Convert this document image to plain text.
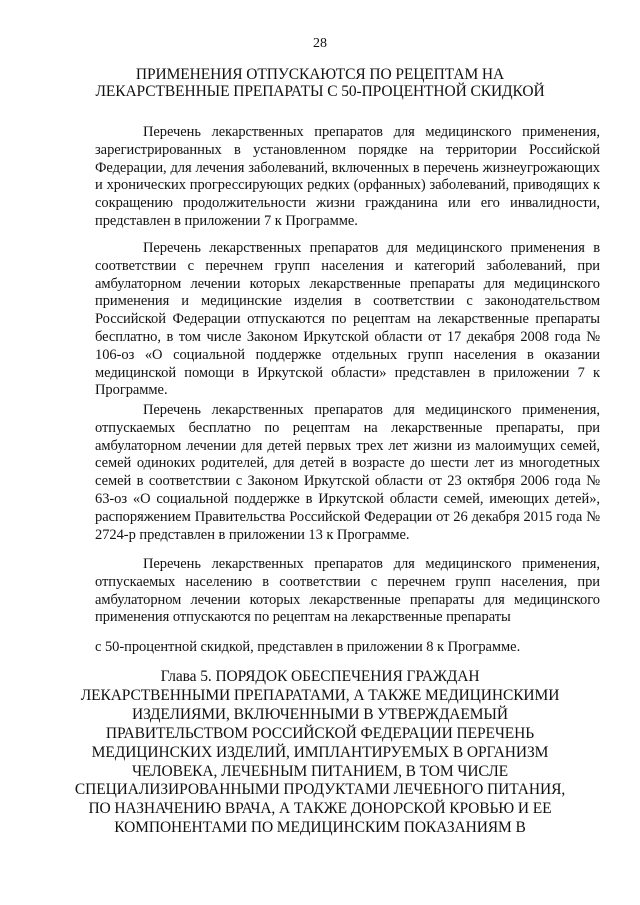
28
ПРИМЕНЕНИЯ ОТПУСКАЮТСЯ ПО РЕЦЕПТАМ НА
ЛЕКАРСТВЕННЫЕ ПРЕПАРАТЫ С 50-ПРОЦЕНТНОЙ СКИДКОЙ

Перечень лекарственных препаратов для медицинского применения, зарегистрированных в установленном порядке на территории Российской Федерации, для лечения заболеваний, включенных в перечень жизнеугрожающих и хронических прогрессирующих редких (орфанных) заболеваний, приводящих к сокращению продолжительности жизни гражданина или его инвалидности, представлен в приложении 7 к Программе.

Перечень лекарственных препаратов для медицинского применения в соответствии с перечнем групп населения и категорий заболеваний, при амбулаторном лечении которых лекарственные препараты для медицинского применения и медицинские изделия в соответствии с законодательством Российской Федерации отпускаются по рецептам на лекарственные препараты бесплатно, в том числе Законом Иркутской области от 17 декабря 2008 года № 106-оз «О социальной поддержке отдельных групп населения в оказании медицинской помощи в Иркутской области» представлен в приложении 7 к Программе.

Перечень лекарственных препаратов для медицинского применения, отпускаемых бесплатно по рецептам на лекарственные препараты, при амбулаторном лечении для детей первых трех лет жизни из малоимущих семей, семей одиноких родителей, для детей в возрасте до шести лет из многодетных семей в соответствии с Законом Иркутской области от 23 октября 2006 года № 63-оз «О социальной поддержке в Иркутской области семей, имеющих детей», распоряжением Правительства Российской Федерации от 26 декабря 2015 года № 2724-р представлен в приложении 13 к Программе.

Перечень лекарственных препаратов для медицинского применения, отпускаемых населению в соответствии с перечнем групп населения, при амбулаторном лечении которых лекарственные препараты для медицинского применения отпускаются по рецептам на лекарственные препараты

с 50-процентной скидкой, представлен в приложении 8 к Программе.

Глава 5. ПОРЯДОК ОБЕСПЕЧЕНИЯ ГРАЖДАН
ЛЕКАРСТВЕННЫМИ ПРЕПАРАТАМИ, А ТАКЖЕ МЕДИЦИНСКИМИ
ИЗДЕЛИЯМИ, ВКЛЮЧЕННЫМИ В УТВЕРЖДАЕМЫЙ
ПРАВИТЕЛЬСТВОМ РОССИЙСКОЙ ФЕДЕРАЦИИ ПЕРЕЧЕНЬ
МЕДИЦИНСКИХ ИЗДЕЛИЙ, ИМПЛАНТИРУЕМЫХ В ОРГАНИЗМ
ЧЕЛОВЕКА, ЛЕЧЕБНЫМ ПИТАНИЕМ, В ТОМ ЧИСЛЕ
СПЕЦИАЛИЗИРОВАННЫМИ ПРОДУКТАМИ ЛЕЧЕБНОГО ПИТАНИЯ,
ПО НАЗНАЧЕНИЮ ВРАЧА, А ТАКЖЕ ДОНОРСКОЙ КРОВЬЮ И ЕЕ
КОМПОНЕНТАМИ ПО МЕДИЦИНСКИМ ПОКАЗАНИЯМ В
